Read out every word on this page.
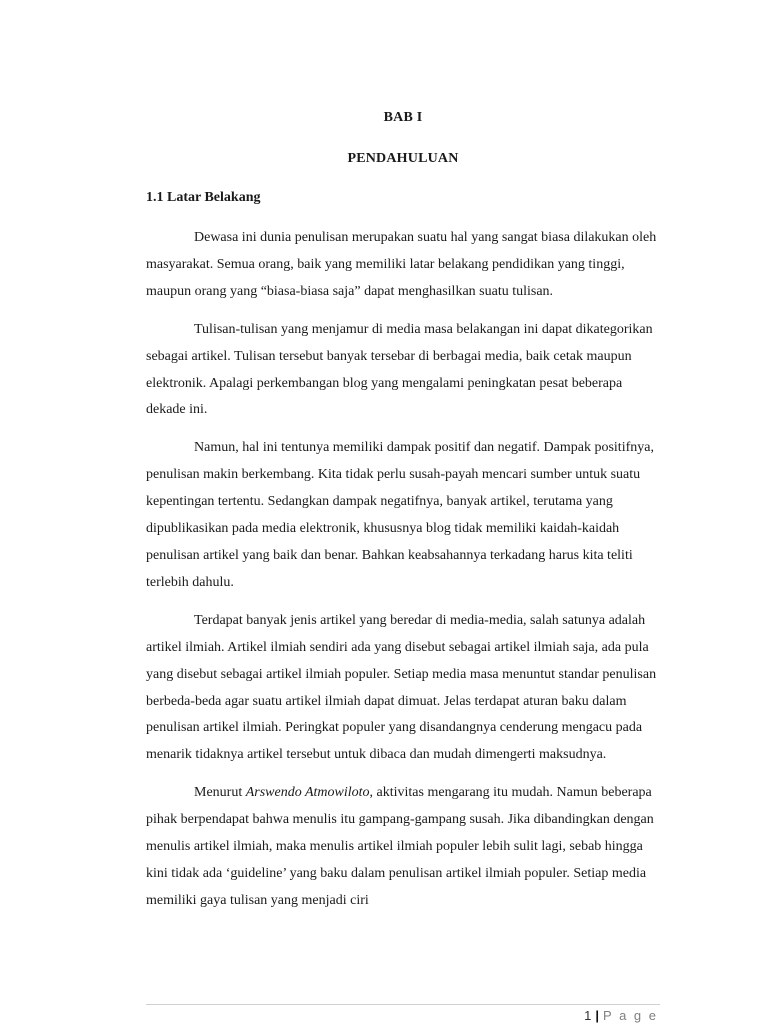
BAB I
PENDAHULUAN
1.1 Latar Belakang

Dewasa ini dunia penulisan merupakan suatu hal yang sangat biasa dilakukan oleh masyarakat. Semua orang, baik yang memiliki latar belakang pendidikan yang tinggi, maupun orang yang “biasa-biasa saja” dapat menghasilkan suatu tulisan.

Tulisan-tulisan yang menjamur di media masa belakangan ini dapat dikategorikan sebagai artikel. Tulisan tersebut banyak tersebar di berbagai media, baik cetak maupun elektronik. Apalagi perkembangan blog yang mengalami peningkatan pesat beberapa dekade ini.

Namun, hal ini tentunya memiliki dampak positif dan negatif. Dampak positifnya, penulisan makin berkembang. Kita tidak perlu susah-payah mencari sumber untuk suatu kepentingan tertentu. Sedangkan dampak negatifnya, banyak artikel, terutama yang dipublikasikan pada media elektronik, khususnya blog tidak memiliki kaidah-kaidah penulisan artikel yang baik dan benar. Bahkan keabsahannya terkadang harus kita teliti terlebih dahulu.

Terdapat banyak jenis artikel yang beredar di media-media, salah satunya adalah artikel ilmiah. Artikel ilmiah sendiri ada yang disebut sebagai artikel ilmiah saja, ada pula yang disebut sebagai artikel ilmiah populer. Setiap media masa menuntut standar penulisan berbeda-beda agar suatu artikel ilmiah dapat dimuat. Jelas terdapat aturan baku dalam penulisan artikel ilmiah. Peringkat populer yang disandangnya cenderung mengacu pada menarik tidaknya artikel tersebut untuk dibaca dan mudah dimengerti maksudnya.

Menurut Arswendo Atmowiloto, aktivitas mengarang itu mudah. Namun beberapa pihak berpendapat bahwa menulis itu gampang-gampang susah. Jika dibandingkan dengan menulis artikel ilmiah, maka menulis artikel ilmiah populer lebih sulit lagi, sebab hingga kini tidak ada ‘guideline’ yang baku dalam penulisan artikel ilmiah populer. Setiap media memiliki gaya tulisan yang menjadi ciri

1 | P a g e
